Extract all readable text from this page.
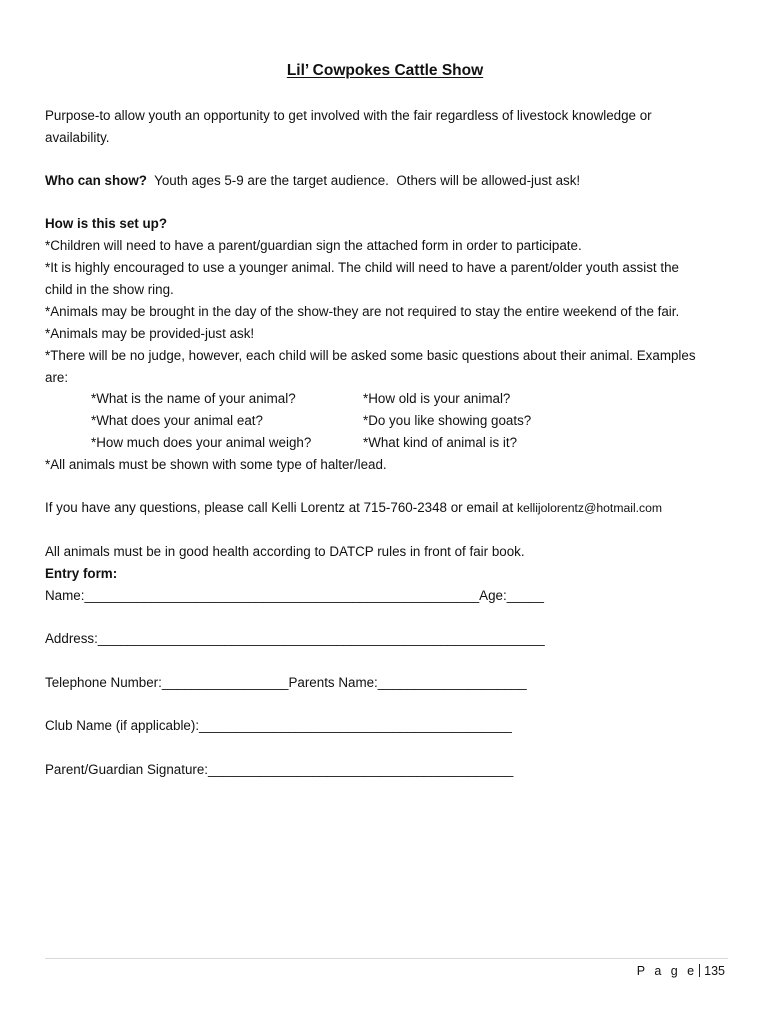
Lil’ Cowpokes Cattle Show
Purpose-to allow youth an opportunity to get involved with the fair regardless of livestock knowledge or
availability.
Who can show?  Youth ages 5-9 are the target audience.  Others will be allowed-just ask!
How is this set up?
*Children will need to have a parent/guardian sign the attached form in order to participate.
*It is highly encouraged to use a younger animal. The child will need to have a parent/older youth assist the
child in the show ring.
*Animals may be brought in the day of the show-they are not required to stay the entire weekend of the fair.
*Animals may be provided-just ask!
*There will be no judge, however, each child will be asked some basic questions about their animal. Examples
are:
*What is the name of your animal?	*How old is your animal?
*What does your animal eat?	*Do you like showing goats?
*How much does your animal weigh?	*What kind of animal is it?
*All animals must be shown with some type of halter/lead.
If you have any questions, please call Kelli Lorentz at 715-760-2348 or email at kellijolorentz@hotmail.com
All animals must be in good health according to DATCP rules in front of fair book.
Entry form:
Name:_____________________________________________________Age:_____
Address:____________________________________________________________
Telephone Number:_________________Parents Name:____________________
Club Name (if applicable):__________________________________________
Parent/Guardian Signature:_________________________________________
P a g e 135
